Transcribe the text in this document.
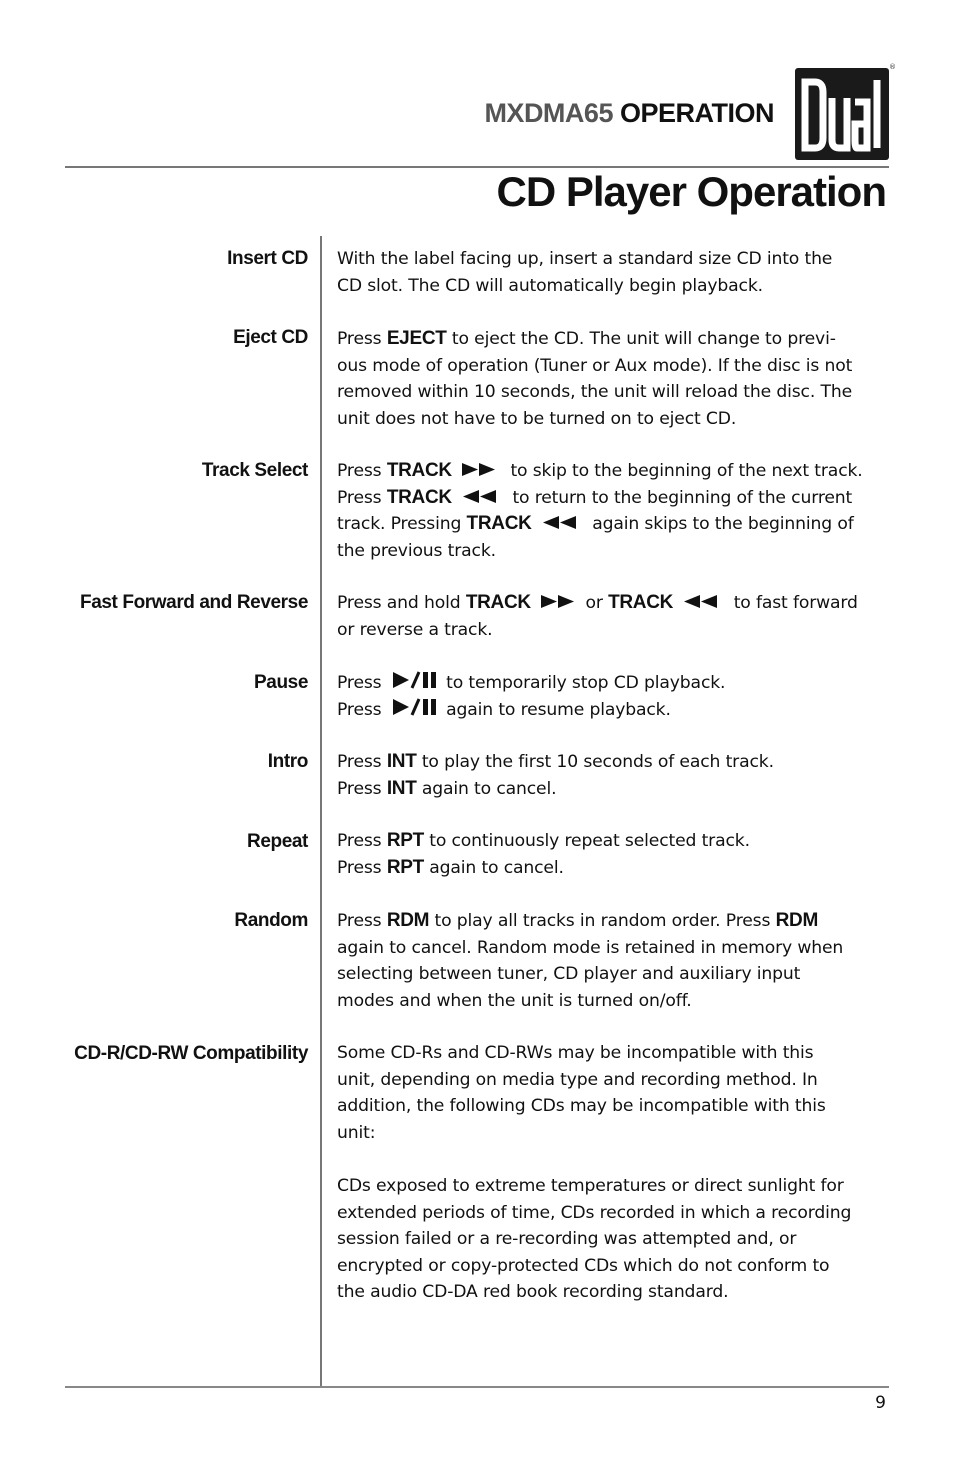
MXDMA65 OPERATION
®
CD Player Operation
Insert CD With the label facing up, insert a standard size CD into the
CD slot. The CD will automatically begin playback.
Eject CD Press EJECT to eject the CD. The unit will change to previ-
ous mode of operation (Tuner or Aux mode). If the disc is not
removed within 10 seconds, the unit will reload the disc. The
unit does not have to be turned on to eject CD.
Track Select Press TRACK	to skip to the beginning of the next track.
Press TRACK	to return to the beginning of the current
track. Pressing TRACK	again skips to the beginning of
the previous track.
Fast Forward and Reverse Press and hold TRACK	or TRACK	to fast forward
or reverse a track.
Pause Press	to temporarily stop CD playback.
Press	again to resume playback.
Intro Press INT to play the first 10 seconds of each track.
Press INT again to cancel.
Repeat Press RPT to continuously repeat selected track.
Press RPT again to cancel.
Random Press RDM to play all tracks in random order. Press RDM
again to cancel. Random mode is retained in memory when
selecting between tuner, CD player and auxiliary input
modes and when the unit is turned on/off.
CD-R/CD-RW Compatibility Some CD-Rs and CD-RWs may be incompatible with this
unit, depending on media type and recording method. In
addition, the following CDs may be incompatible with this
unit:
CDs exposed to extreme temperatures or direct sunlight for
extended periods of time, CDs recorded in which a recording
session failed or a re-recording was attempted and, or
encrypted or copy-protected CDs which do not conform to
the audio CD-DA red book recording standard.
9
